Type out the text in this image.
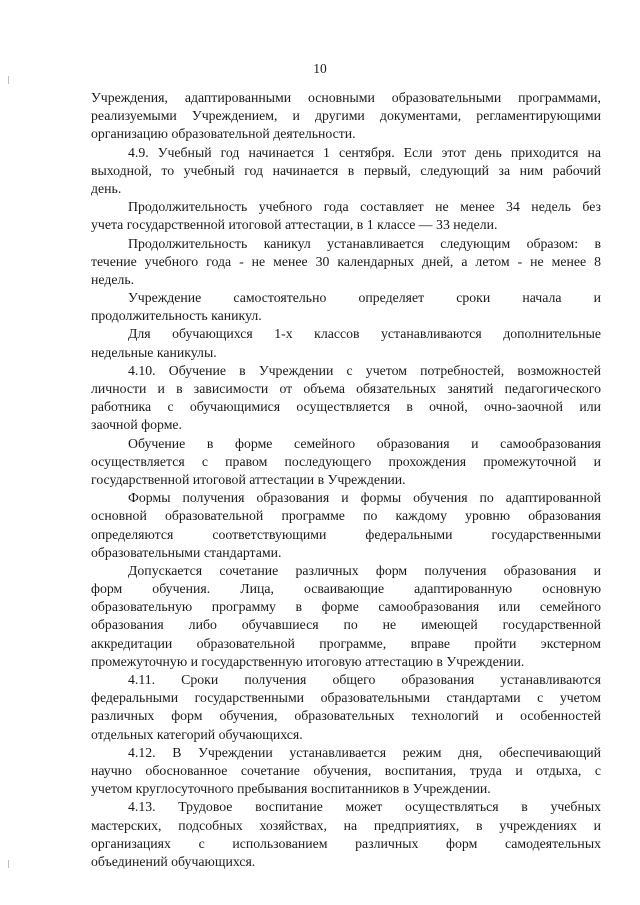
10
Учреждения, адаптированными основными образовательными программами,
реализуемыми Учреждением, и другими документами, регламентирующими
организацию образовательной деятельности.
4.9. Учебный год начинается 1 сентября. Если этот день приходится на
выходной, то учебный год начинается в первый, следующий за ним рабочий
день.
Продолжительность учебного года составляет не менее 34 недель без
учета государственной итоговой аттестации, в 1 классе — 33 недели.
Продолжительность каникул устанавливается следующим образом: в
течение учебного года - не менее 30 календарных дней, а летом - не менее 8
недель.
Учреждение самостоятельно определяет сроки начала и
продолжительность каникул.
Для обучающихся 1-х классов устанавливаются дополнительные
недельные каникулы.
4.10. Обучение в Учреждении с учетом потребностей, возможностей
личности и в зависимости от объема обязательных занятий педагогического
работника с обучающимися осуществляется в очной, очно-заочной или
заочной форме.
Обучение в форме семейного образования и самообразования
осуществляется с правом последующего прохождения промежуточной и
государственной итоговой аттестации в Учреждении.
Формы получения образования и формы обучения по адаптированной
основной образовательной программе по каждому уровню образования
определяются соответствующими федеральными государственными
образовательными стандартами.
Допускается сочетание различных форм получения образования и
форм обучения. Лица, осваивающие адаптированную основную
образовательную программу в форме самообразования или семейного
образования либо обучавшиеся по не имеющей государственной
аккредитации образовательной программе, вправе пройти экстерном
промежуточную и государственную итоговую аттестацию в Учреждении.
4.11. Сроки получения общего образования устанавливаются
федеральными государственными образовательными стандартами с учетом
различных форм обучения, образовательных технологий и особенностей
отдельных категорий обучающихся.
4.12. В Учреждении устанавливается режим дня, обеспечивающий
научно обоснованное сочетание обучения, воспитания, труда и отдыха, с
учетом круглосуточного пребывания воспитанников в Учреждении.
4.13. Трудовое воспитание может осуществляться в учебных
мастерских, подсобных хозяйствах, на предприятиях, в учреждениях и
организациях с использованием различных форм самодеятельных
объединений обучающихся.
